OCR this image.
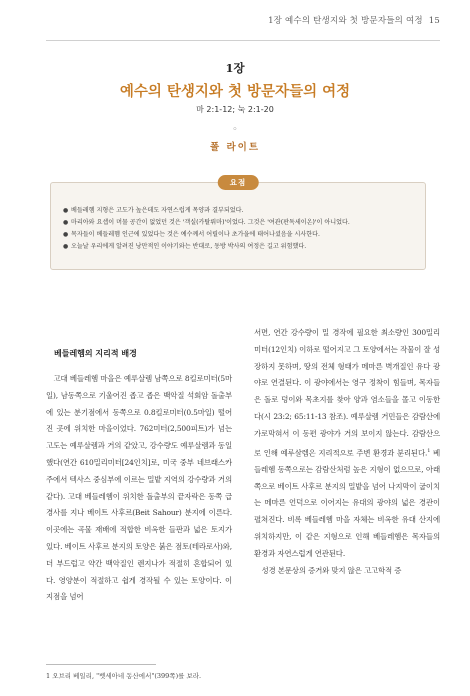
1장 예수의 탄생지와 첫 방문자들의 여정 15
1장
예수의 탄생지와 첫 방문자들의 여정
마 2:1-12; 눅 2:1-20
◦
폴 라이트
요점
● 베들레헴 지형은 고도가 높은데도 자연스럽게 목양과 결부되었다.
● 마리아와 요셉이 머물 공간이 없었던 것은 '객실(카탈뤼마)'이었다. 그것은 '여관(판독세이온)'이 아니었다.
● 목자들이 베들레헴 인근에 있었다는 것은 예수께서 어릴이나 초가을에 태어나셨음을 시사한다.
● 오늘날 우리에게 알려진 낭만적인 이야기와는 반대로, 동방 박사의 여정은 길고 위험했다.
베들레헴의 지리적 배경

고대 베들레헴 마을은 예루살렘 남쪽으로 8킬로미터(5마일), 남동쪽으로 기울어진 좁고 좁은 백악질 석회암 돌출부에 있는 분기점에서 동쪽으로 0.8킬로미터(0.5마일) 떨어진 곳에 위치한 마을이었다. 762미터(2,500피트)가 넘는 고도는 예루살렘과 거의 같았고, 강수량도 예루살렘과 동일했다(연간 610밀리미터[24인치]로, 미국 중부 네브래스카주에서 텍사스 중심부에 이르는 밀밭 지역의 강수량과 거의 같다). 고대 베들레헴이 위치한 돌출부의 끝자락은 동쪽 급경사를 지나 베이트 사후르(Beit Sahour) 분지에 이른다. 이곳에는 곡물 재배에 적합한 비옥한 들판과 넓은 토지가 있다. 베이트 사후르 분지의 토양은 붉은 점토(테라로사)와, 더 부드럽고 약간 백악질인 렌지나가 적절히 혼합되어 있다. 영양분이 적절하고 쉽게 경작될 수 있는 토양이다. 이 지점을 넘어

서면, 연간 강수량이 밀 경작에 필요한 최소량인 300밀리미터(12인치) 이하로 떨어지고 그 토양에서는 작물이 잘 성장하지 못하며, 땅의 전체 형태가 메마른 벽개질인 유다 광야로 연결된다. 이 광야에서는 영구 정착이 힘들며, 목자들은 돌로 덩이와 목초지를 찾아 양과 염소들을 몰고 이동한다(시 23:2; 65:11-13 참조). 예루살렘 거민들은 감람산에 가로막혀서 이 동편 광야가 거의 보이지 않는다. 감람산으로 인해 예루살렘은 지리적으로 주변 환경과 분리된다.$^1$ 베들레헴 동쪽으로는 감람산처럼 높은 지형이 없으므로, 아래쪽으로 베이트 사후르 분지의 밀밭을 넘어 나지막이 굽이치는 메마른 언덕으로 이어지는 유대의 광야의 넓은 경관이 펼쳐진다. 비록 베들레헴 마을 자체는 비옥한 유대 산지에 위치하지만, 이 같은 지형으로 인해 베들레헴은 목자들의 환경과 자연스럽게 연관된다.

성경 본문상의 증거와 맞지 않은 고고학적 증

1 오브리 베일리, "벳세아네 동산에서"(399쪽)를 보라.
